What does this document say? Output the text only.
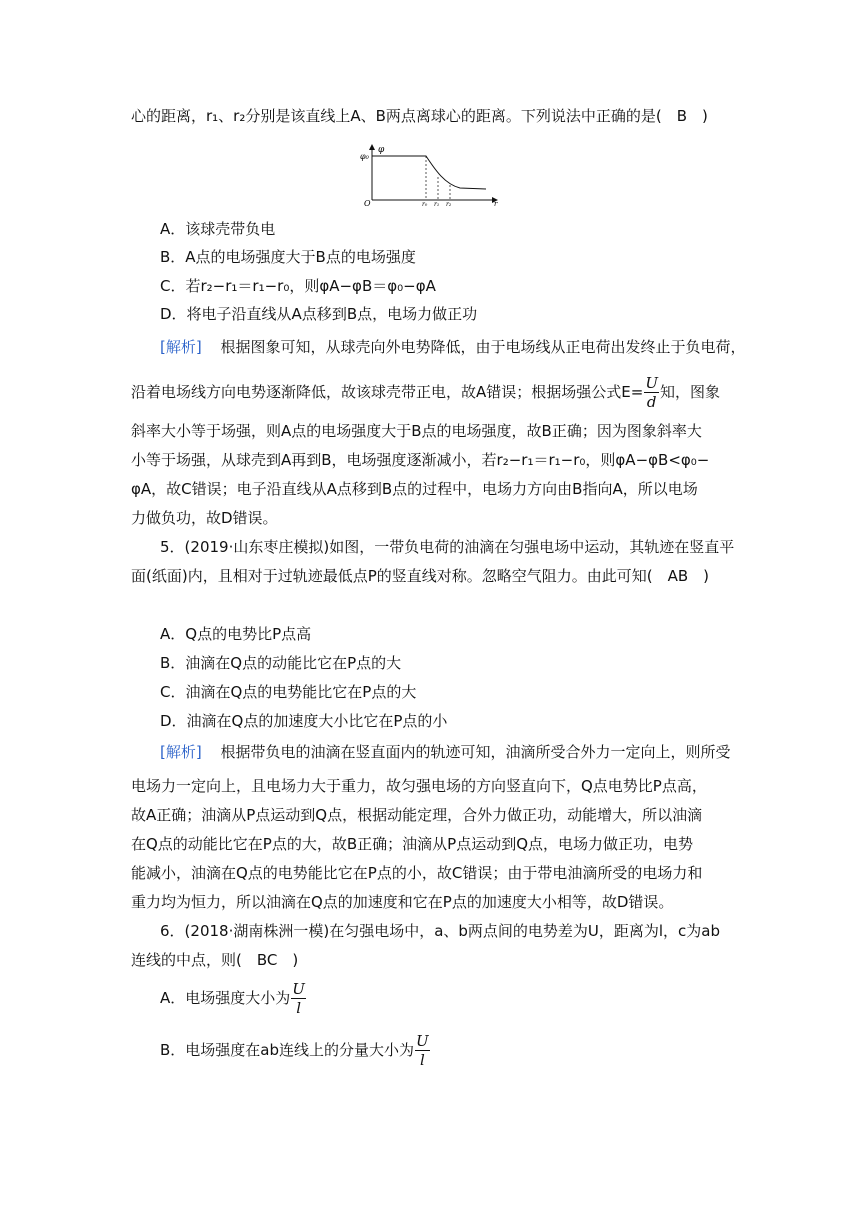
心的距离，r₁、r₂分别是该直线上A、B两点离球心的距离。下列说法中正确的是(　B　)
φ
φ₀
O	r₀ r₁ r₂	r
A．该球壳带负电
B．A点的电场强度大于B点的电场强度
C．若r₂−r₁＝r₁−r₀，则φA−φB＝φ₀−φA
D．将电子沿直线从A点移到B点，电场力做正功
[解析] 根据图象可知，从球壳向外电势降低，由于电场线从正电荷出发终止于负电荷，
沿着电场线方向电势逐渐降低，故该球壳带正电，故A错误；根据场强公式$E= \frac{U}{d}$ 知，图象
斜率大小等于场强，则A点的电场强度大于B点的电场强度，故B正确；因为图象斜率大
小等于场强，从球壳到A再到B，电场强度逐渐减小，若r₂−r₁＝r₁−r₀，则φA−φB<φ₀−
φA，故C错误；电子沿直线从A点移到B点的过程中，电场力方向由B指向A，所以电场
力做负功，故D错误。
5．(2019·山东枣庄模拟)如图，一带负电荷的油滴在匀强电场中运动，其轨迹在竖直平
面(纸面)内，且相对于过轨迹最低点P的竖直线对称。忽略空气阻力。由此可知(　AB　)
A．Q点的电势比P点高
B．油滴在Q点的动能比它在P点的大
C．油滴在Q点的电势能比它在P点的大
D．油滴在Q点的加速度大小比它在P点的小
[解析] 根据带负电的油滴在竖直面内的轨迹可知，油滴所受合外力一定向上，则所受
电场力一定向上，且电场力大于重力，故匀强电场的方向竖直向下，Q点电势比P点高，
故A正确；油滴从P点运动到Q点，根据动能定理，合外力做正功，动能增大，所以油滴
在Q点的动能比它在P点的大，故B正确；油滴从P点运动到Q点，电场力做正功，电势
能减小，油滴在Q点的电势能比它在P点的小，故C错误；由于带电油滴所受的电场力和
重力均为恒力，所以油滴在Q点的加速度和它在P点的加速度大小相等，故D错误。
6．(2018·湖南株洲一模)在匀强电场中，a、b两点间的电势差为U，距离为l，c为ab
连线的中点，则(　BC　)
A．电场强度大小为 $\frac{U}{l}$
B．电场强度在ab连线上的分量大小为 $\frac{U}{l}$
